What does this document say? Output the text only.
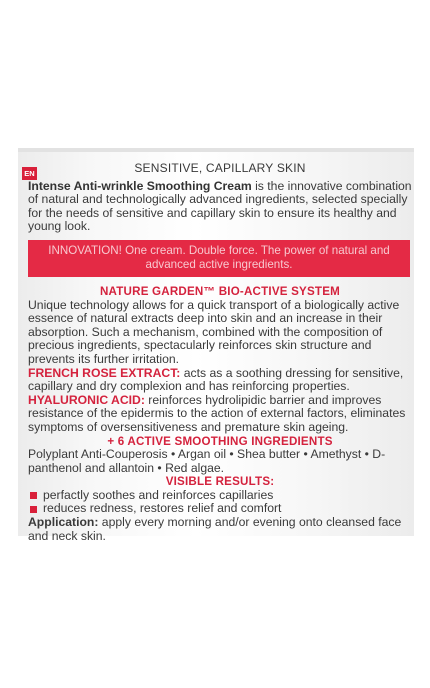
EN	SENSITIVE, CAPILLARY SKIN

Intense Anti-wrinkle Smoothing Cream is the innovative combination of natural and technologically advanced ingredients, selected specially for the needs of sensitive and capillary skin to ensure its healthy and young look.

INNOVATION! One cream. Double force. The power of natural and advanced active ingredients.

NATURE GARDEN™ BIO-ACTIVE SYSTEM

Unique technology allows for a quick transport of a biologically active essence of natural extracts deep into skin and an increase in their absorption. Such a mechanism, combined with the composition of precious ingredients, spectacularly reinforces skin structure and prevents its further irritation.

FRENCH ROSE EXTRACT: acts as a soothing dressing for sensitive, capillary and dry complexion and has reinforcing properties.

HYALURONIC ACID: reinforces hydrolipidic barrier and improves resistance of the epidermis to the action of external factors, eliminates symptoms of oversensitiveness and premature skin ageing.

+ 6 ACTIVE SMOOTHING INGREDIENTS

Polyplant Anti-Couperosis • Argan oil • Shea butter • Amethyst • D-panthenol and allantoin • Red algae.

VISIBLE RESULTS:

perfactly soothes and reinforces capillaries

reduces redness, restores relief and comfort

Application: apply every morning and/or evening onto cleansed face and neck skin.
